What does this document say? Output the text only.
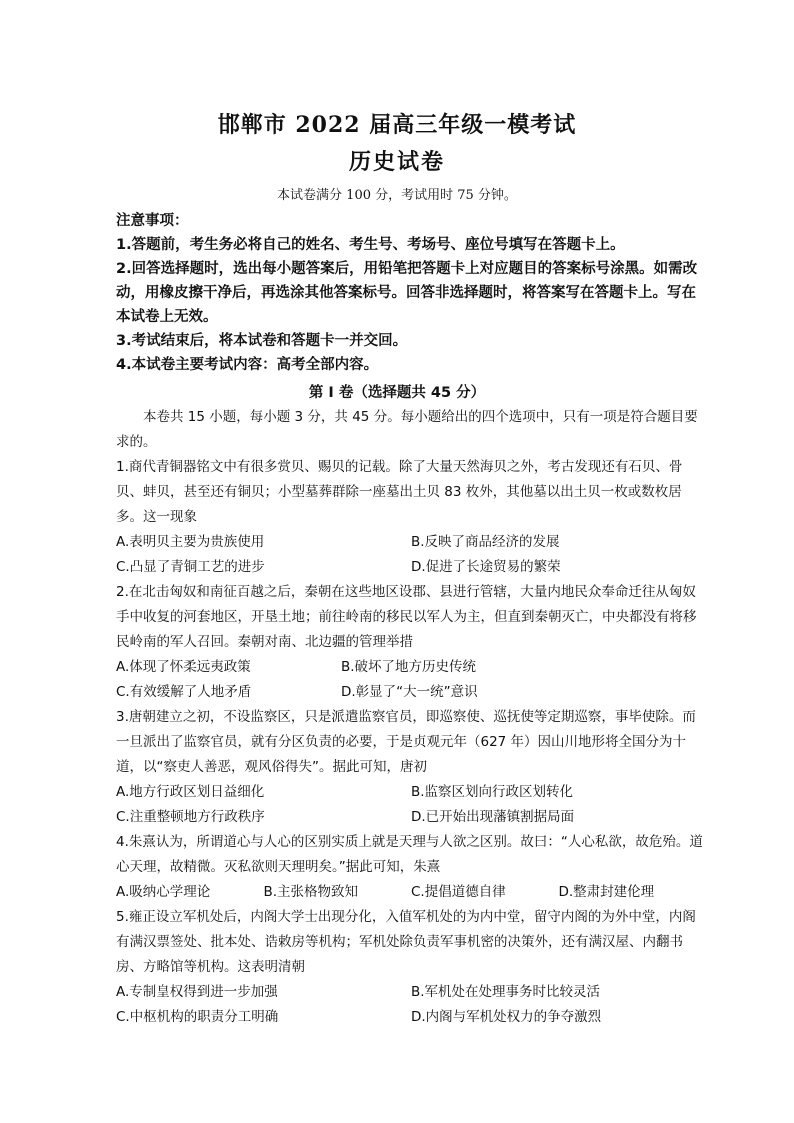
邯郸市 2022 届高三年级一模考试
历史试卷
本试卷满分 100 分，考试用时 75 分钟。
注意事项：
1.答题前，考生务必将自己的姓名、考生号、考场号、座位号填写在答题卡上。
2.回答选择题时，选出每小题答案后，用铅笔把答题卡上对应题目的答案标号涂黑。如需改动，用橡皮擦干净后，再选涂其他答案标号。回答非选择题时，将答案写在答题卡上。写在本试卷上无效。
3.考试结束后，将本试卷和答题卡一并交回。
4.本试卷主要考试内容：高考全部内容。
第 I 卷（选择题共 45 分）
本卷共 15 小题，每小题 3 分，共 45 分。每小题给出的四个选项中，只有一项是符合题目要求的。
1.商代青铜器铭文中有很多赏贝、赐贝的记载。除了大量天然海贝之外，考古发现还有石贝、骨贝、蚌贝，甚至还有铜贝；小型墓葬群除一座墓出土贝 83 枚外，其他墓以出土贝一枚或数枚居多。这一现象
A.表明贝主要为贵族使用	B.反映了商品经济的发展
C.凸显了青铜工艺的进步	D.促进了长途贸易的繁荣
2.在北击匈奴和南征百越之后，秦朝在这些地区设郡、县进行管辖，大量内地民众奉命迁往从匈奴手中收复的河套地区，开垦土地；前往岭南的移民以军人为主，但直到秦朝灭亡，中央都没有将移民岭南的军人召回。秦朝对南、北边疆的管理举措
A.体现了怀柔远夷政策	B.破坏了地方历史传统
C.有效缓解了人地矛盾	D.彰显了“大一统”意识
3.唐朝建立之初，不设监察区，只是派遣监察官员，即巡察使、巡抚使等定期巡察，事毕使除。而一旦派出了监察官员，就有分区负责的必要，于是贞观元年（627 年）因山川地形将全国分为十道，以“察吏人善恶，观风俗得失”。据此可知，唐初
A.地方行政区划日益细化	B.监察区划向行政区划转化
C.注重整顿地方行政秩序	D.已开始出现藩镇割据局面
4.朱熹认为，所谓道心与人心的区别实质上就是天理与人欲之区别。故曰：“人心私欲，故危殆。道心天理，故精微。灭私欲则天理明矣。”据此可知，朱熹
A.吸纳心学理论	B.主张格物致知	C.提倡道德自律	D.整肃封建伦理
5.雍正设立军机处后，内阁大学士出现分化，入值军机处的为内中堂，留守内阁的为外中堂，内阁有满汉票签处、批本处、诰敕房等机构；军机处除负责军事机密的决策外，还有满汉屋、内翻书房、方略馆等机构。这表明清朝
A.专制皇权得到进一步加强	B.军机处在处理事务时比较灵活
C.中枢机构的职责分工明确	D.内阁与军机处权力的争夺激烈
